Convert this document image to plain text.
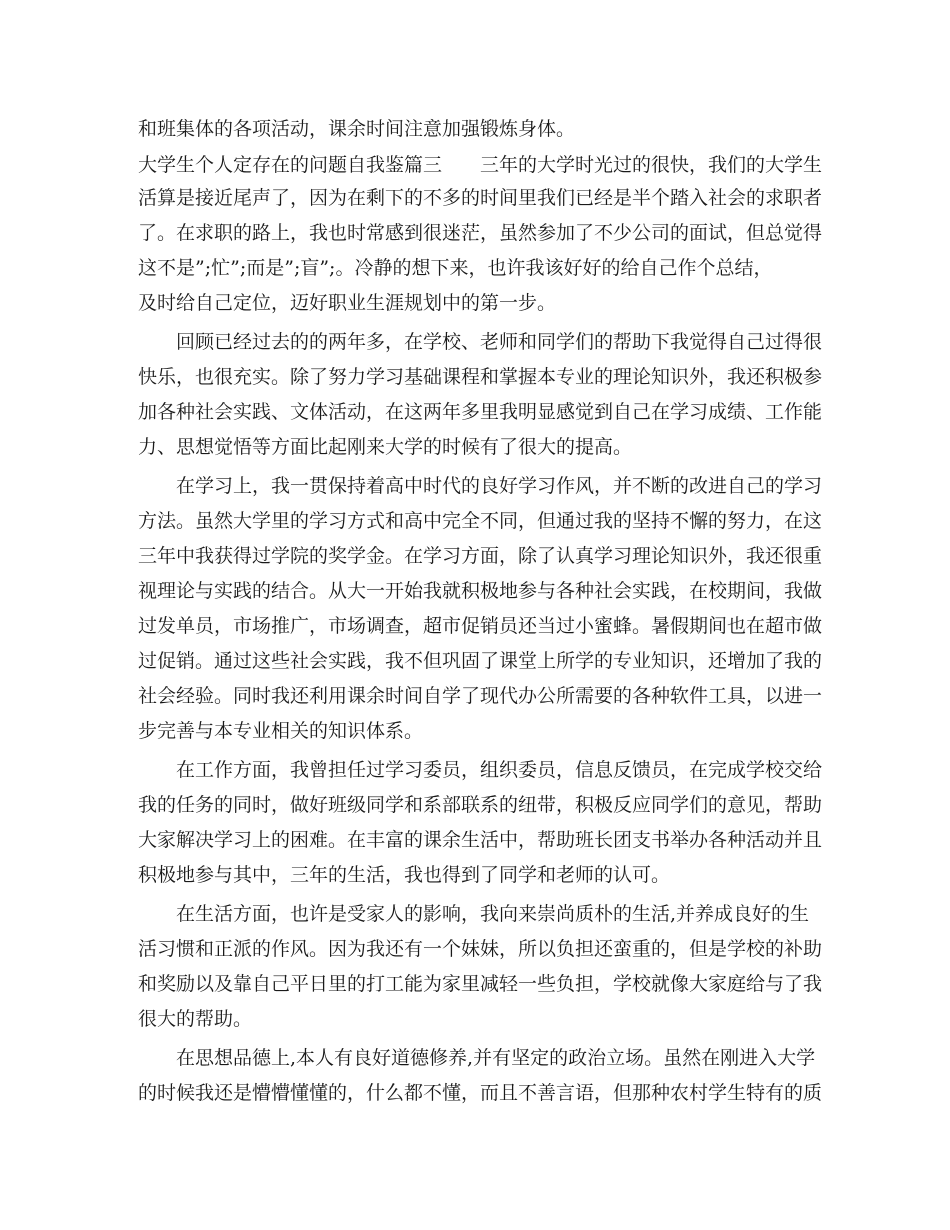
和班集体的各项活动，课余时间注意加强锻炼身体。

大学生个人定存在的问题自我鉴篇三　　三年的大学时光过的很快，我们的大学生

活算是接近尾声了，因为在剩下的不多的时间里我们已经是半个踏入社会的求职者

了。在求职的路上，我也时常感到很迷茫，虽然参加了不少公司的面试，但总觉得

这不是”;忙”;而是”;盲”;。冷静的想下来，也许我该好好的给自己作个总结，

及时给自己定位，迈好职业生涯规划中的第一步。

回顾已经过去的的两年多，在学校、老师和同学们的帮助下我觉得自己过得很

快乐，也很充实。除了努力学习基础课程和掌握本专业的理论知识外，我还积极参

加各种社会实践、文体活动，在这两年多里我明显感觉到自己在学习成绩、工作能

力、思想觉悟等方面比起刚来大学的时候有了很大的提高。

在学习上，我一贯保持着高中时代的良好学习作风，并不断的改进自己的学习

方法。虽然大学里的学习方式和高中完全不同，但通过我的坚持不懈的努力，在这

三年中我获得过学院的奖学金。在学习方面，除了认真学习理论知识外，我还很重

视理论与实践的结合。从大一开始我就积极地参与各种社会实践，在校期间，我做

过发单员，市场推广，市场调查，超市促销员还当过小蜜蜂。暑假期间也在超市做

过促销。通过这些社会实践，我不但巩固了课堂上所学的专业知识，还增加了我的

社会经验。同时我还利用课余时间自学了现代办公所需要的各种软件工具，以进一

步完善与本专业相关的知识体系。

在工作方面，我曾担任过学习委员，组织委员，信息反馈员，在完成学校交给

我的任务的同时，做好班级同学和系部联系的纽带，积极反应同学们的意见，帮助

大家解决学习上的困难。在丰富的课余生活中，帮助班长团支书举办各种活动并且

积极地参与其中，三年的生活，我也得到了同学和老师的认可。

在生活方面，也许是受家人的影响，我向来崇尚质朴的生活,并养成良好的生

活习惯和正派的作风。因为我还有一个妹妹，所以负担还蛮重的，但是学校的补助

和奖励以及靠自己平日里的打工能为家里减轻一些负担，学校就像大家庭给与了我

很大的帮助。

在思想品德上,本人有良好道德修养,并有坚定的政治立场。虽然在刚进入大学

的时候我还是懵懵懂懂的，什么都不懂，而且不善言语，但那种农村学生特有的质
